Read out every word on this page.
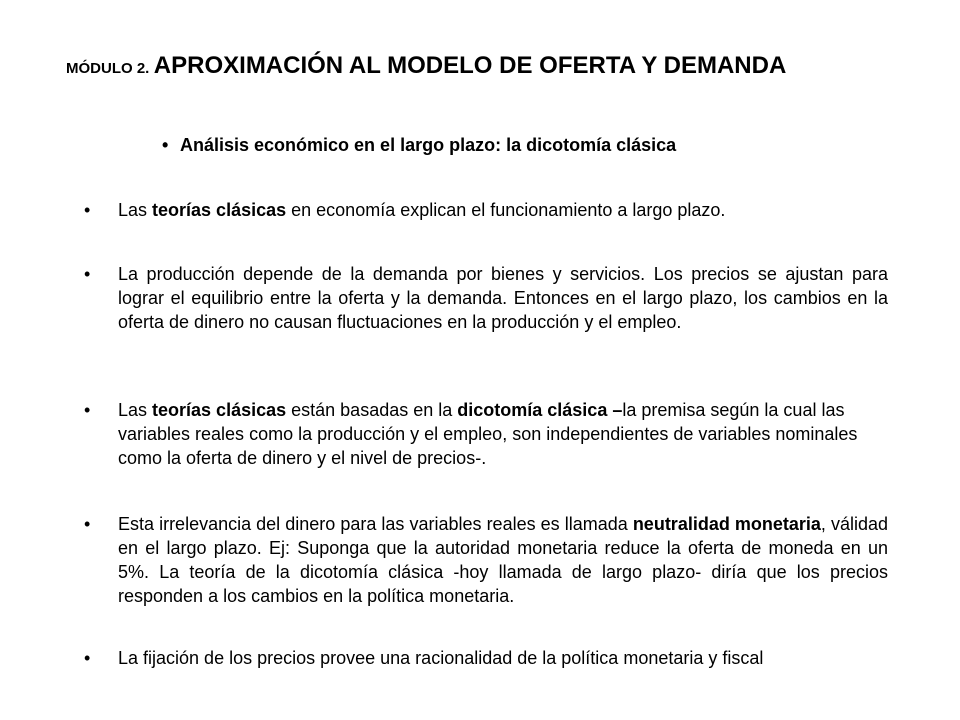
MÓDULO 2. APROXIMACIÓN AL MODELO DE OFERTA Y DEMANDA
• Análisis económico en el largo plazo: la dicotomía clásica
• Las teorías clásicas en economía explican el funcionamiento a largo plazo.
• La producción depende de la demanda por bienes y servicios. Los precios se ajustan para lograr el equilibrio entre la oferta y la demanda. Entonces en el largo plazo, los cambios en la oferta de dinero no causan fluctuaciones en la producción y el empleo.
• Las teorías clásicas están basadas en la dicotomía clásica –la premisa según la cual las variables reales como la producción y el empleo, son independientes de variables nominales como la oferta de dinero y el nivel de precios-.
• Esta irrelevancia del dinero para las variables reales es llamada neutralidad monetaria, válidad en el largo plazo. Ej: Suponga que la autoridad monetaria reduce la oferta de moneda en un 5%. La teoría de la dicotomía clásica -hoy llamada de largo plazo- diría que los precios responden a los cambios en la política monetaria.
• La fijación de los precios provee una racionalidad de la política monetaria y fiscal
